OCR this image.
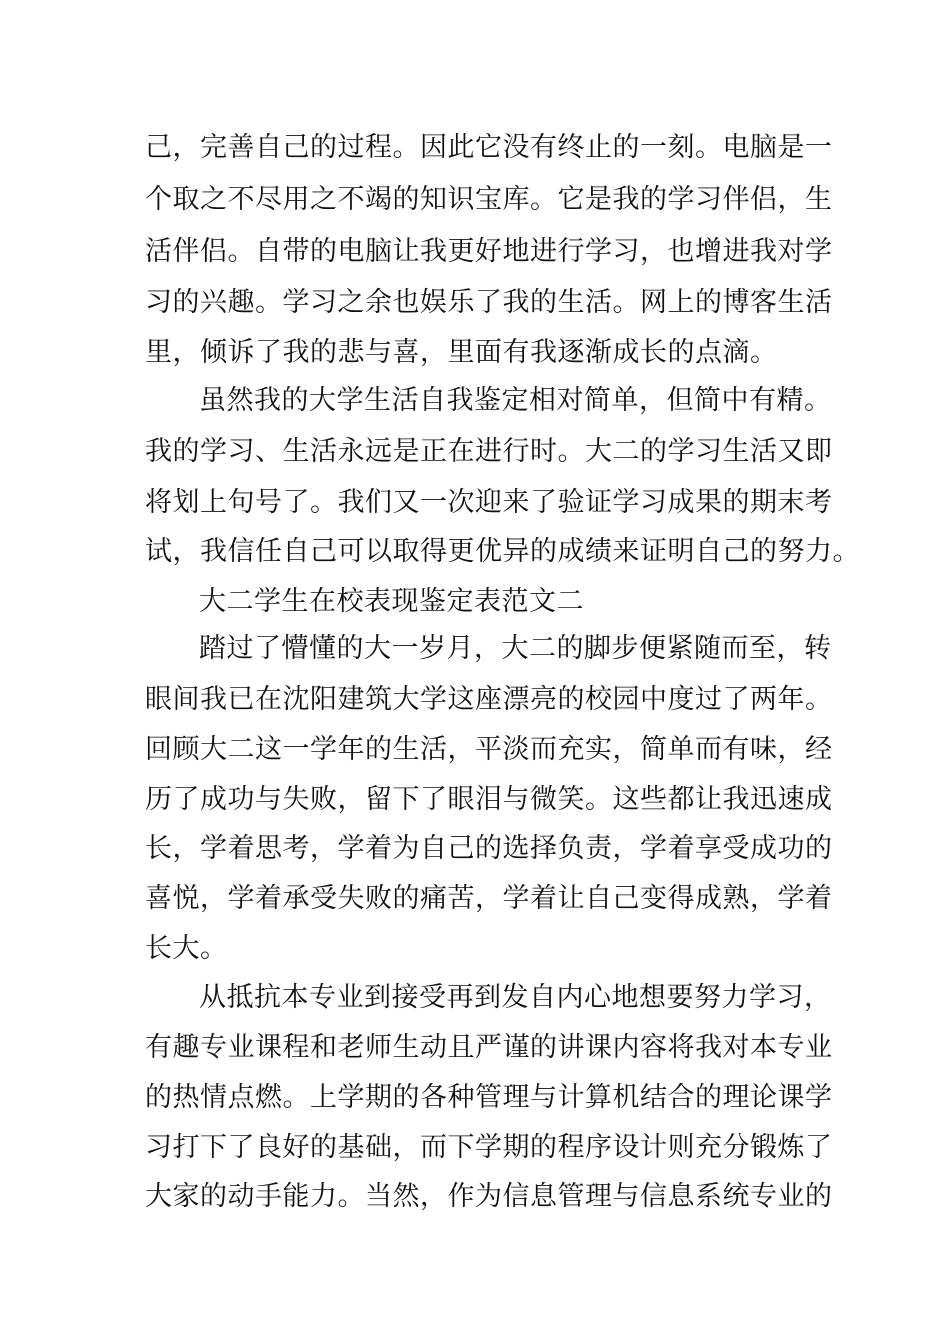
己，完善自己的过程。因此它没有终止的一刻。电脑是一
个取之不尽用之不竭的知识宝库。它是我的学习伴侣，生
活伴侣。自带的电脑让我更好地进行学习，也增进我对学
习的兴趣。学习之余也娱乐了我的生活。网上的博客生活
里，倾诉了我的悲与喜，里面有我逐渐成长的点滴。
虽然我的大学生活自我鉴定相对简单，但简中有精。
我的学习、生活永远是正在进行时。大二的学习生活又即
将划上句号了。我们又一次迎来了验证学习成果的期末考
试，我信任自己可以取得更优异的成绩来证明自己的努力。
大二学生在校表现鉴定表范文二
踏过了懵懂的大一岁月，大二的脚步便紧随而至，转
眼间我已在沈阳建筑大学这座漂亮的校园中度过了两年。
回顾大二这一学年的生活，平淡而充实，简单而有味，经
历了成功与失败，留下了眼泪与微笑。这些都让我迅速成
长，学着思考，学着为自己的选择负责，学着享受成功的
喜悦，学着承受失败的痛苦，学着让自己变得成熟，学着
长大。
从抵抗本专业到接受再到发自内心地想要努力学习，
有趣专业课程和老师生动且严谨的讲课内容将我对本专业
的热情点燃。上学期的各种管理与计算机结合的理论课学
习打下了良好的基础，而下学期的程序设计则充分锻炼了
大家的动手能力。当然，作为信息管理与信息系统专业的
